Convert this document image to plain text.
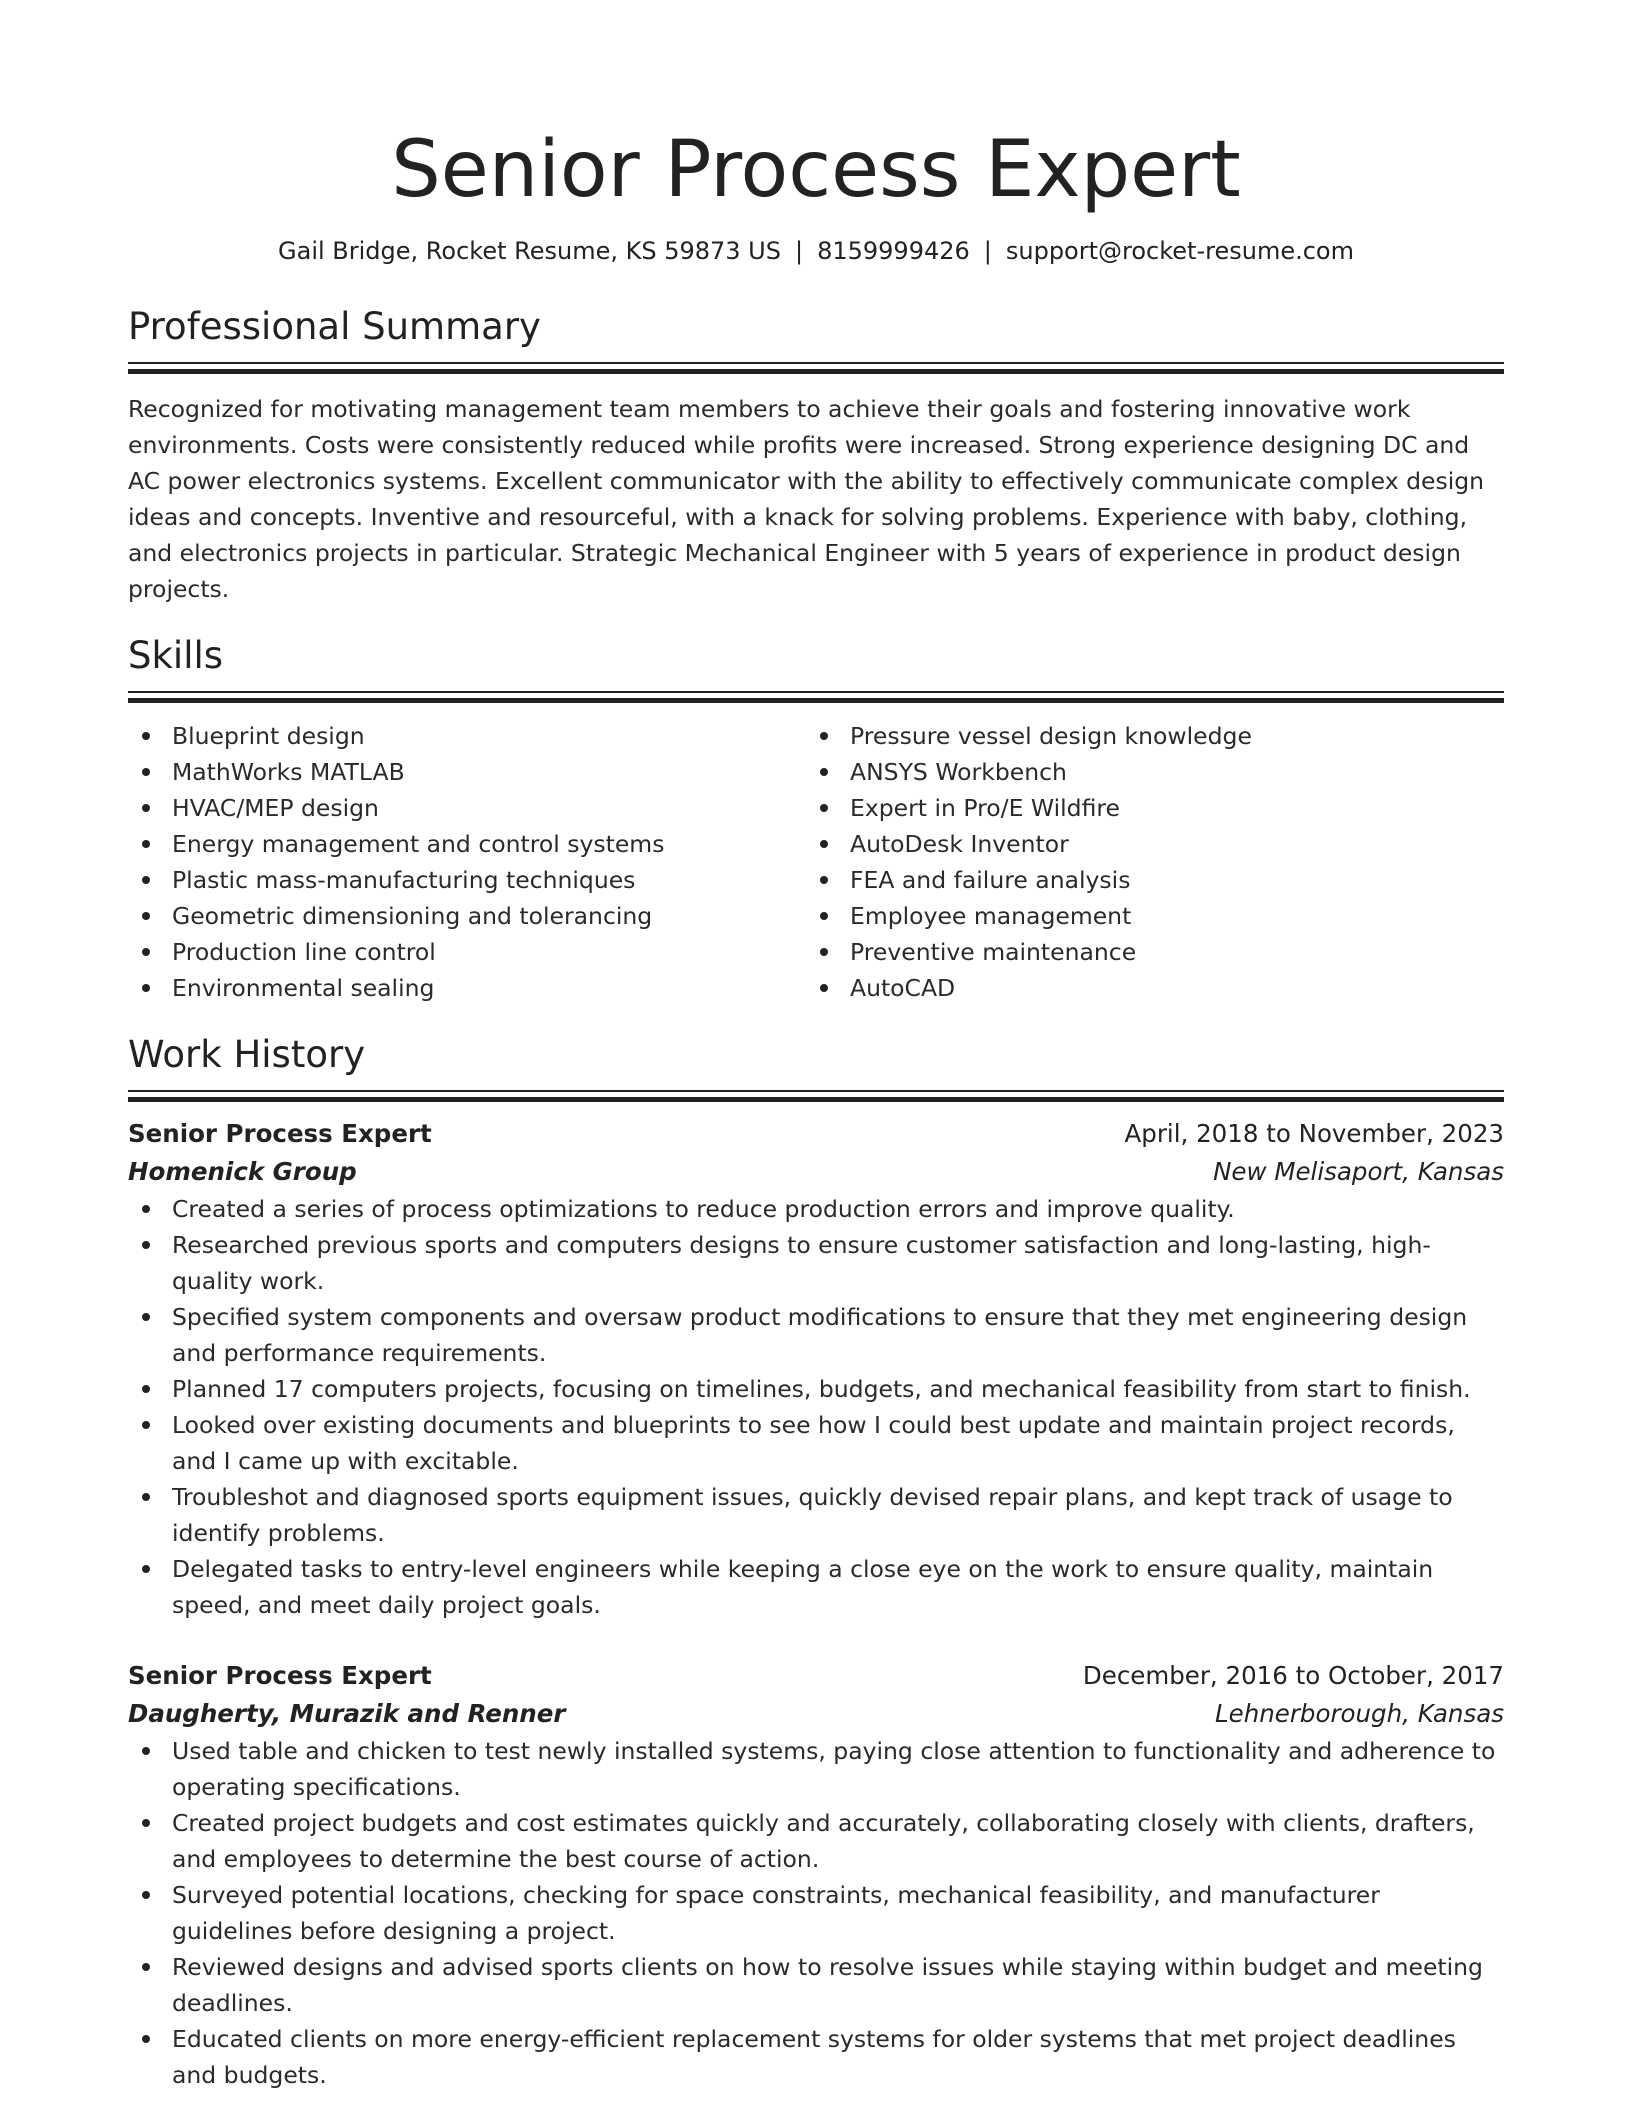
Senior Process Expert
Gail Bridge, Rocket Resume, KS 59873 US | 8159999426 | support@rocket-resume.com
Professional Summary
Recognized for motivating management team members to achieve their goals and fostering innovative work environments. Costs were consistently reduced while profits were increased. Strong experience designing DC and AC power electronics systems. Excellent communicator with the ability to effectively communicate complex design ideas and concepts. Inventive and resourceful, with a knack for solving problems. Experience with baby, clothing, and electronics projects in particular. Strategic Mechanical Engineer with 5 years of experience in product design projects.
Skills
Blueprint design
MathWorks MATLAB
HVAC/MEP design
Energy management and control systems
Plastic mass-manufacturing techniques
Geometric dimensioning and tolerancing
Production line control
Environmental sealing
Pressure vessel design knowledge
ANSYS Workbench
Expert in Pro/E Wildfire
AutoDesk Inventor
FEA and failure analysis
Employee management
Preventive maintenance
AutoCAD
Work History
Senior Process Expert	April, 2018 to November, 2023
Homenick Group	New Melisaport, Kansas
Created a series of process optimizations to reduce production errors and improve quality.
Researched previous sports and computers designs to ensure customer satisfaction and long-lasting, high-quality work.
Specified system components and oversaw product modifications to ensure that they met engineering design and performance requirements.
Planned 17 computers projects, focusing on timelines, budgets, and mechanical feasibility from start to finish.
Looked over existing documents and blueprints to see how I could best update and maintain project records, and I came up with excitable.
Troubleshot and diagnosed sports equipment issues, quickly devised repair plans, and kept track of usage to identify problems.
Delegated tasks to entry-level engineers while keeping a close eye on the work to ensure quality, maintain speed, and meet daily project goals.
Senior Process Expert	December, 2016 to October, 2017
Daugherty, Murazik and Renner	Lehnerborough, Kansas
Used table and chicken to test newly installed systems, paying close attention to functionality and adherence to operating specifications.
Created project budgets and cost estimates quickly and accurately, collaborating closely with clients, drafters, and employees to determine the best course of action.
Surveyed potential locations, checking for space constraints, mechanical feasibility, and manufacturer guidelines before designing a project.
Reviewed designs and advised sports clients on how to resolve issues while staying within budget and meeting deadlines.
Educated clients on more energy-efficient replacement systems for older systems that met project deadlines and budgets.
